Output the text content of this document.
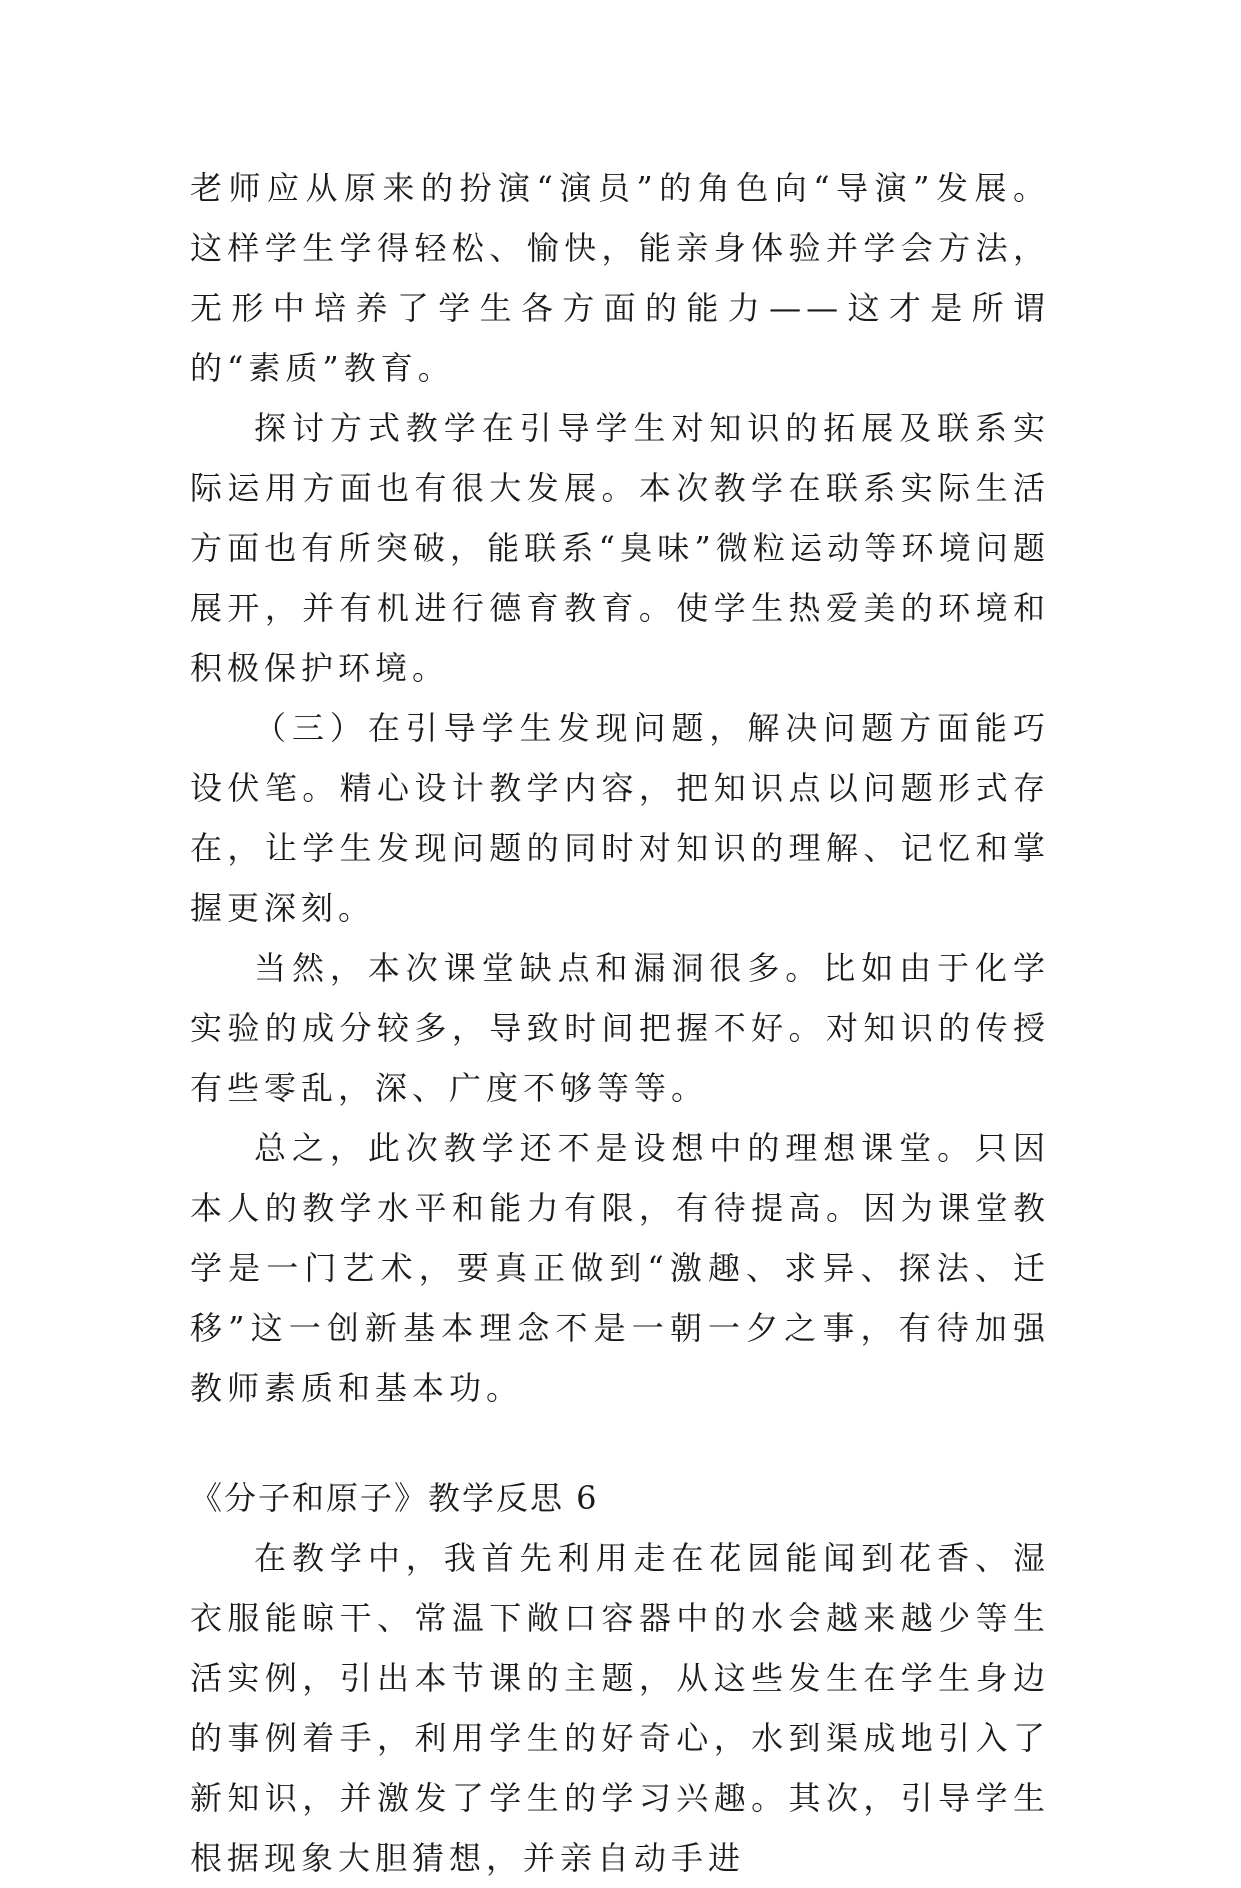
老师应从原来的扮演“演员”的角色向“导演”发展。这样学生学得轻松、愉快，能亲身体验并学会方法，无形中培养了学生各方面的能力——这才是所谓的“素质”教育。

探讨方式教学在引导学生对知识的拓展及联系实际运用方面也有很大发展。本次教学在联系实际生活方面也有所突破，能联系“臭味”微粒运动等环境问题展开，并有机进行德育教育。使学生热爱美的环境和积极保护环境。

（三）在引导学生发现问题，解决问题方面能巧设伏笔。精心设计教学内容，把知识点以问题形式存在，让学生发现问题的同时对知识的理解、记忆和掌握更深刻。

当然，本次课堂缺点和漏洞很多。比如由于化学实验的成分较多，导致时间把握不好。对知识的传授有些零乱，深、广度不够等等。

总之，此次教学还不是设想中的理想课堂。只因本人的教学水平和能力有限，有待提高。因为课堂教学是一门艺术，要真正做到“激趣、求异、探法、迁移”这一创新基本理念不是一朝一夕之事，有待加强教师素质和基本功。

《分子和原子》教学反思 6

在教学中，我首先利用走在花园能闻到花香、湿衣服能晾干、常温下敞口容器中的水会越来越少等生活实例，引出本节课的主题，从这些发生在学生身边的事例着手，利用学生的好奇心，水到渠成地引入了新知识，并激发了学生的学习兴趣。其次，引导学生根据现象大胆猜想，并亲自动手进
